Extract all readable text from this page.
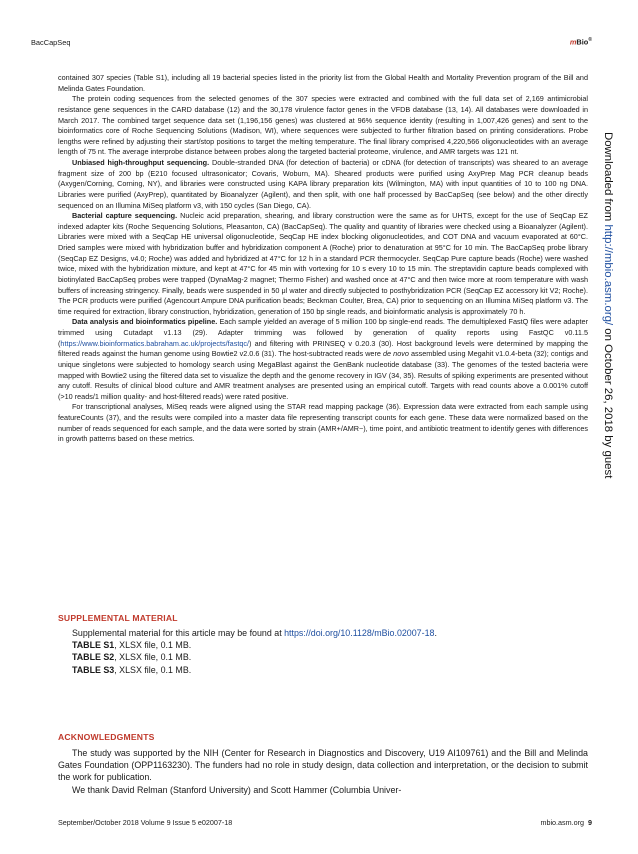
BacCapSeq	mBio®
Downloaded from http://mbio.asm.org/ on October 26, 2018 by guest

contained 307 species (Table S1), including all 19 bacterial species listed in the priority list from the Global Health and Mortality Prevention program of the Bill and Melinda Gates Foundation.

The protein coding sequences from the selected genomes of the 307 species were extracted and combined with the full data set of 2,169 antimicrobial resistance gene sequences in the CARD database (12) and the 30,178 virulence factor genes in the VFDB database (13, 14). All databases were downloaded in March 2017. The combined target sequence data set (1,196,156 genes) was clustered at 96% sequence identity (resulting in 1,007,426 genes) and sent to the bioinformatics core of Roche Sequencing Solutions (Madison, WI), where sequences were subjected to further filtration based on printing considerations. Probe lengths were refined by adjusting their start/stop positions to target the melting temperature. The final library comprised 4,220,566 oligonucleotides with an average length of 75 nt. The average interprobe distance between probes along the targeted bacterial proteome, virulence, and AMR targets was 121 nt.

Unbiased high-throughput sequencing. Double-stranded DNA (for detection of bacteria) or cDNA (for detection of transcripts) was sheared to an average fragment size of 200 bp (E210 focused ultrasonicator; Covaris, Woburn, MA). Sheared products were purified using AxyPrep Mag PCR cleanup beads (Axygen/Corning, Corning, NY), and libraries were constructed using KAPA library preparation kits (Wilmington, MA) with input quantities of 10 to 100 ng DNA. Libraries were purified (AxyPrep), quantitated by Bioanalyzer (Agilent), and then split, with one half processed by BacCapSeq (see below) and the other directly sequenced on an Illumina MiSeq platform v3, with 150 cycles (San Diego, CA).

Bacterial capture sequencing. Nucleic acid preparation, shearing, and library construction were the same as for UHTS, except for the use of SeqCap EZ indexed adapter kits (Roche Sequencing Solutions, Pleasanton, CA) (BacCapSeq). The quality and quantity of libraries were checked using a Bioanalyzer (Agilent). Libraries were mixed with a SeqCap HE universal oligonucleotide, SeqCap HE index blocking oligonucleotides, and COT DNA and vacuum evaporated at 60°C. Dried samples were mixed with hybridization buffer and hybridization component A (Roche) prior to denaturation at 95°C for 10 min. The BacCapSeq probe library (SeqCap EZ Designs, v4.0; Roche) was added and hybridized at 47°C for 12 h in a standard PCR thermocycler. SeqCap Pure capture beads (Roche) were washed twice, mixed with the hybridization mixture, and kept at 47°C for 45 min with vortexing for 10 s every 10 to 15 min. The streptavidin capture beads complexed with biotinylated BacCapSeq probes were trapped (DynaMag-2 magnet; Thermo Fisher) and washed once at 47°C and then twice more at room temperature with wash buffers of increasing stringency. Finally, beads were suspended in 50 μl water and directly subjected to posthybridization PCR (SeqCap EZ accessory kit V2; Roche). The PCR products were purified (Agencourt Ampure DNA purification beads; Beckman Coulter, Brea, CA) prior to sequencing on an Illumina MiSeq platform v3. The time required for extraction, library construction, hybridization, generation of 150 bp single reads, and bioinformatic analysis is approximately 70 h.

Data analysis and bioinformatics pipeline. Each sample yielded an average of 5 million 100 bp single-end reads. The demultiplexed FastQ files were adapter trimmed using Cutadapt v1.13 (29). Adapter trimming was followed by generation of quality reports using FastQC v0.11.5 (https://www.bioinformatics.babraham.ac.uk/projects/fastqc/) and filtering with PRINSEQ v 0.20.3 (30). Host background levels were determined by mapping the filtered reads against the human genome using Bowtie2 v2.0.6 (31). The host-subtracted reads were de novo assembled using Megahit v1.0.4-beta (32); contigs and unique singletons were subjected to homology search using MegaBlast against the GenBank nucleotide database (33). The genomes of the tested bacteria were mapped with Bowtie2 using the filtered data set to visualize the depth and the genome recovery in IGV (34, 35). Results of spiking experiments are presented without any cutoff. Results of clinical blood culture and AMR treatment analyses are presented using an empirical cutoff. Targets with read counts above a 0.001% cutoff (>10 reads/1 million quality- and host-filtered reads) were rated positive.

For transcriptional analyses, MiSeq reads were aligned using the STAR read mapping package (36). Expression data were extracted from each sample using featureCounts (37), and the results were compiled into a master data file representing transcript counts for each gene. These data were normalized based on the number of reads sequenced for each sample, and the data were sorted by strain (AMR+/AMR−), time point, and antibiotic treatment to identify genes with differences in growth patterns based on these metrics.

SUPPLEMENTAL MATERIAL

Supplemental material for this article may be found at https://doi.org/10.1128/mBio.02007-18.

TABLE S1, XLSX file, 0.1 MB.
TABLE S2, XLSX file, 0.1 MB.
TABLE S3, XLSX file, 0.1 MB.
ACKNOWLEDGMENTS

The study was supported by the NIH (Center for Research in Diagnostics and Discovery, U19 AI109761) and the Bill and Melinda Gates Foundation (OPP1163230). The funders had no role in study design, data collection and interpretation, or the decision to submit the work for publication.

We thank David Relman (Stanford University) and Scott Hammer (Columbia Univer-

September/October 2018 Volume 9 Issue 5 e02007-18	mbio.asm.org 9
